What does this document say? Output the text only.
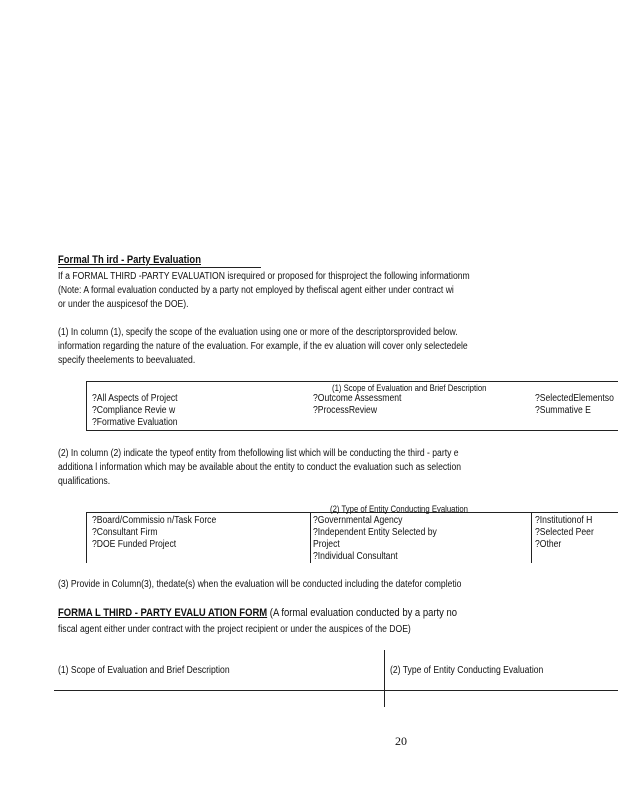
Formal Th ird - Party Evaluation
If a FORMAL THIRD -PARTY EVALUATION isrequired or proposed for thisproject the following informationm
(Note: A formal evaluation conducted by a party not employed by thefiscal agent either under contract wi
or under the auspicesof the DOE).
(1) In column (1), specify the scope of the evaluation using one or more of the descriptorsprovided below.
information regarding the nature of the evaluation. For example, if the ev aluation will cover only selectedele
specify theelements to beevaluated.
(1) Scope of Evaluation and Brief Description
?All Aspects of Project
?Compliance Revie w
?Formative Evaluation
?Outcome Assessment
?ProcessReview
?SelectedElementso
?Summative E
(2) In column (2) indicate the typeof entity from thefollowing list which will be conducting the third - party e
additiona l information which may be available about the entity to conduct the evaluation such as selection
qualifications.
(2) Type of Entity Conducting Evaluation
?Board/Commissio n/Task Force
?Consultant Firm
?DOE Funded Project
?Governmental Agency
?Independent Entity Selected by
Project
?Individual Consultant
?Institutionof H
?Selected Peer
?Other
(3) Provide in Column(3), thedate(s) when the evaluation will be conducted including the datefor completio
FORMA L THIRD - PARTY EVALU ATION FORM (A formal evaluation conducted by a party no
fiscal agent either under contract with the project recipient or under the auspices of the DOE)
(1) Scope of Evaluation and Brief Description	(2) Type of Entity Conducting Evaluation
20
